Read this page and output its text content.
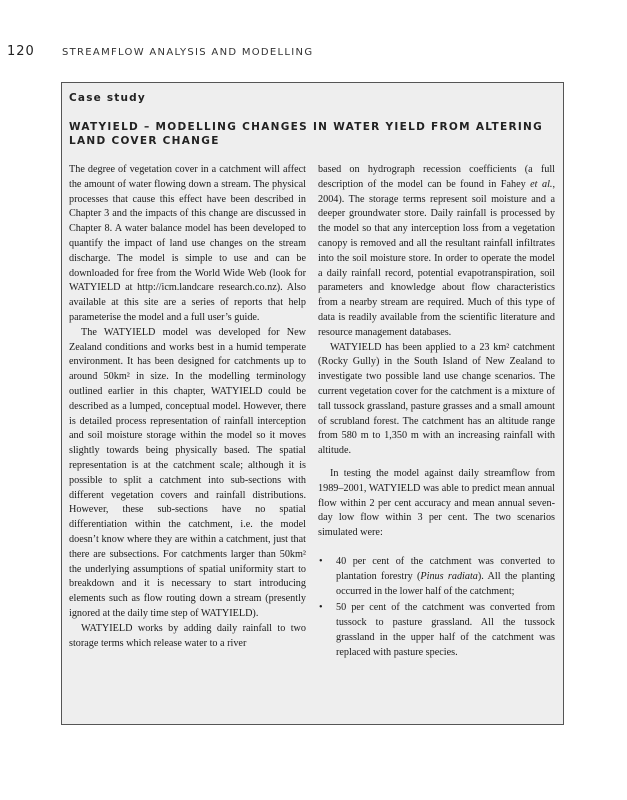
120	STREAMFLOW ANALYSIS AND MODELLING
Case study
WATYIELD – MODELLING CHANGES IN WATER YIELD FROM ALTERING LAND COVER CHANGE

The degree of vegetation cover in a catchment will affect the amount of water flowing down a stream. The physical processes that cause this effect have been described in Chapter 3 and the impacts of this change are discussed in Chapter 8. A water balance model has been developed to quantify the impact of land use changes on the stream discharge. The model is simple to use and can be downloaded for free from the World Wide Web (look for WATYIELD at http://icm.landcare research.co.nz). Also available at this site are a series of reports that help parameterise the model and a full user’s guide.

The WATYIELD model was developed for New Zealand conditions and works best in a humid temperate environment. It has been designed for catchments up to around 50km² in size. In the modelling terminology outlined earlier in this chapter, WATYIELD could be described as a lumped, conceptual model. However, there is detailed process representation of rainfall interception and soil moisture storage within the model so it moves slightly towards being physically based. The spatial representation is at the catchment scale; although it is possible to split a catchment into sub-sections with different vegetation covers and rainfall distributions. However, these sub-sections have no spatial differentiation within the catchment, i.e. the model doesn’t know where they are within a catchment, just that there are subsections. For catchments larger than 50km² the underlying assumptions of spatial uniformity start to breakdown and it is necessary to start introducing elements such as flow routing down a stream (presently ignored at the daily time step of WATYIELD).

WATYIELD works by adding daily rainfall to two storage terms which release water to a river

based on hydrograph recession coefficients (a full description of the model can be found in Fahey et al., 2004). The storage terms represent soil moisture and a deeper groundwater store. Daily rainfall is processed by the model so that any interception loss from a vegetation canopy is removed and all the resultant rainfall infiltrates into the soil moisture store. In order to operate the model a daily rainfall record, potential evapotranspiration, soil parameters and knowledge about flow characteristics from a nearby stream are required. Much of this type of data is readily available from the scientific literature and resource management databases.

WATYIELD has been applied to a 23 km² catchment (Rocky Gully) in the South Island of New Zealand to investigate two possible land use change scenarios. The current vegetation cover for the catchment is a mixture of tall tussock grassland, pasture grasses and a small amount of scrubland forest. The catchment has an altitude range from 580 m to 1,350 m with an increasing rainfall with altitude.

In testing the model against daily streamflow from 1989–2001, WATYIELD was able to predict mean annual flow within 2 per cent accuracy and mean annual seven-day low flow within 3 per cent. The two scenarios simulated were:

• 40 per cent of the catchment was converted to plantation forestry (Pinus radiata). All the planting occurred in the lower half of the catchment;
• 50 per cent of the catchment was converted from tussock to pasture grassland. All the tussock grassland in the upper half of the catchment was replaced with pasture species.
